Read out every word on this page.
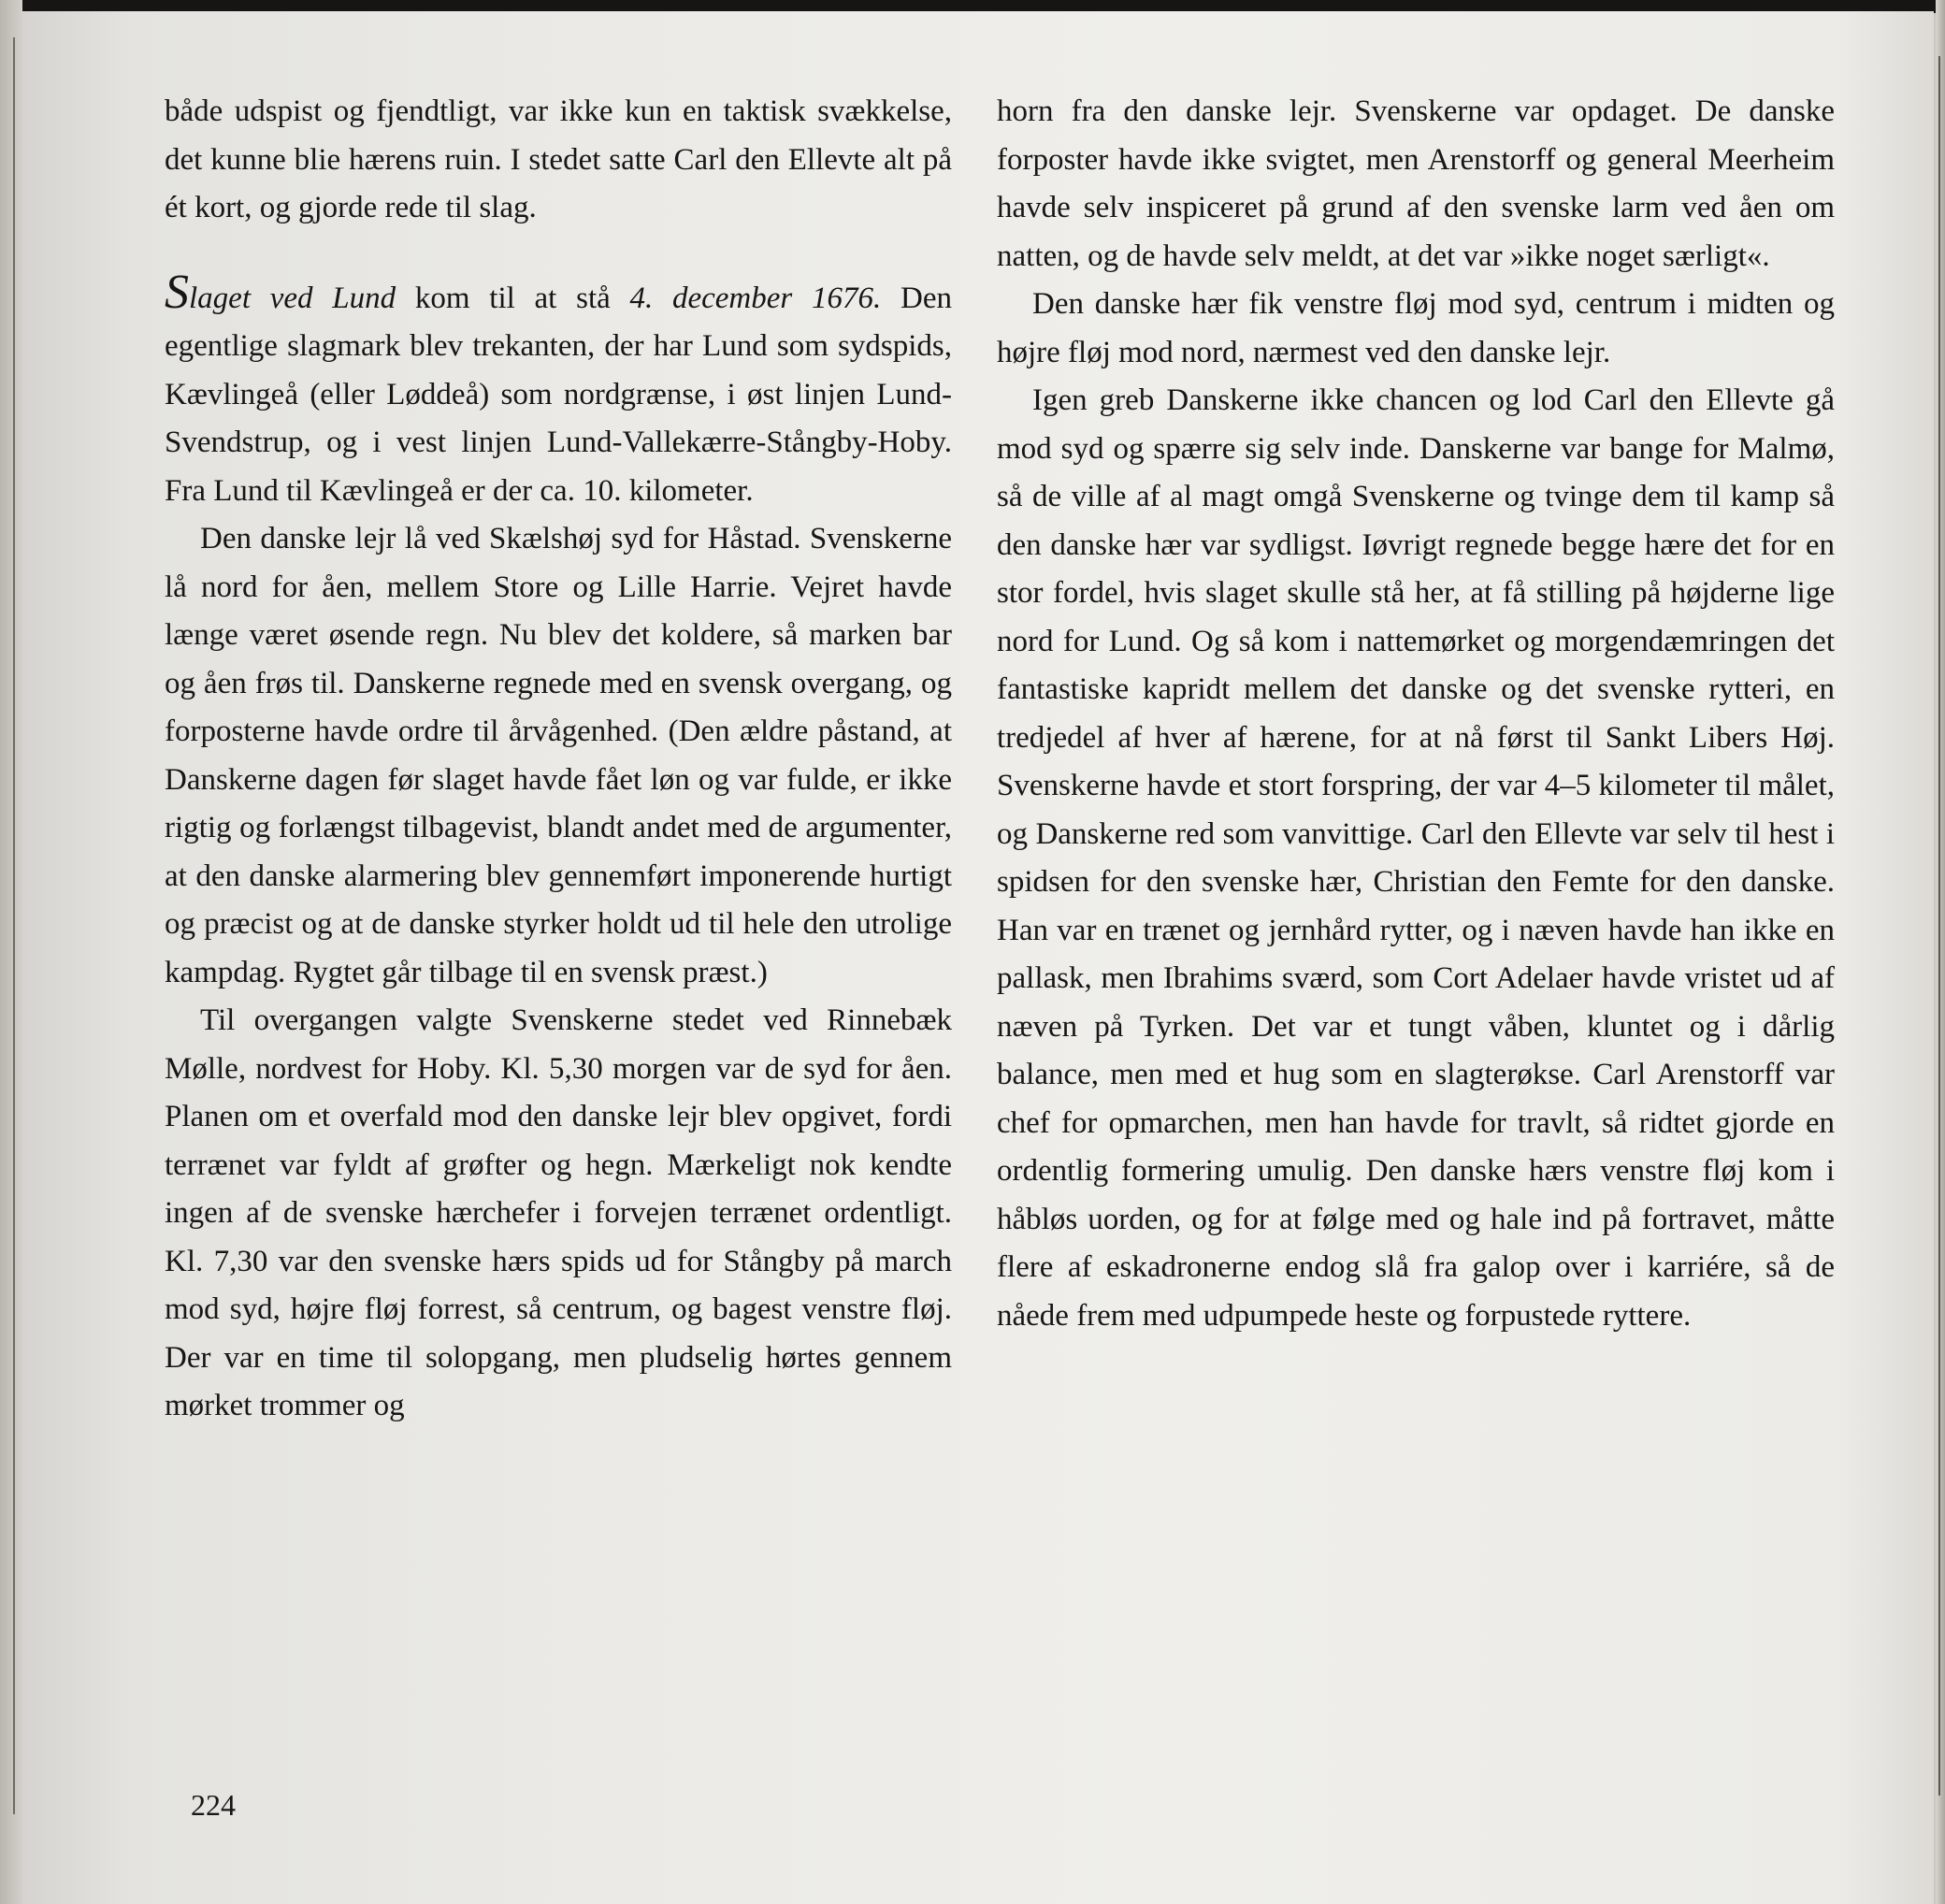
både udspist og fjendtligt, var ikke kun en taktisk svækkelse, det kunne blie hærens ruin. I stedet satte Carl den Ellevte alt på ét kort, og gjorde rede til slag.

Slaget ved Lund kom til at stå 4. december 1676. Den egentlige slagmark blev trekanten, der har Lund som sydspids, Kævlingeå (eller Løddeå) som nordgrænse, i øst linjen Lund-Svendstrup, og i vest linjen Lund-Vallekærre-Stångby-Hoby. Fra Lund til Kævlingeå er der ca. 10. kilometer.

Den danske lejr lå ved Skælshøj syd for Håstad. Svenskerne lå nord for åen, mellem Store og Lille Harrie. Vejret havde længe været øsende regn. Nu blev det koldere, så marken bar og åen frøs til. Danskerne regnede med en svensk overgang, og forposterne havde ordre til årvågenhed. (Den ældre påstand, at Danskerne dagen før slaget havde fået løn og var fulde, er ikke rigtig og forlængst tilbagevist, blandt andet med de argumenter, at den danske alarmering blev gennemført imponerende hurtigt og præcist og at de danske styrker holdt ud til hele den utrolige kampdag. Rygtet går tilbage til en svensk præst.)

Til overgangen valgte Svenskerne stedet ved Rinnebæk Mølle, nordvest for Hoby. Kl. 5,30 morgen var de syd for åen. Planen om et overfald mod den danske lejr blev opgivet, fordi terrænet var fyldt af grøfter og hegn. Mærkeligt nok kendte ingen af de svenske hærchefer i forvejen terrænet ordentligt. Kl. 7,30 var den svenske hærs spids ud for Stångby på march mod syd, højre fløj forrest, så centrum, og bagest venstre fløj. Der var en time til solopgang, men pludselig hørtes gennem mørket trommer og

horn fra den danske lejr. Svenskerne var opdaget. De danske forposter havde ikke svigtet, men Arenstorff og general Meerheim havde selv inspiceret på grund af den svenske larm ved åen om natten, og de havde selv meldt, at det var »ikke noget særligt«.

Den danske hær fik venstre fløj mod syd, centrum i midten og højre fløj mod nord, nærmest ved den danske lejr.

Igen greb Danskerne ikke chancen og lod Carl den Ellevte gå mod syd og spærre sig selv inde. Danskerne var bange for Malmø, så de ville af al magt omgå Svenskerne og tvinge dem til kamp så den danske hær var sydligst. Iøvrigt regnede begge hære det for en stor fordel, hvis slaget skulle stå her, at få stilling på højderne lige nord for Lund. Og så kom i nattemørket og morgendæmringen det fantastiske kapridt mellem det danske og det svenske rytteri, en tredjedel af hver af hærene, for at nå først til Sankt Libers Høj. Svenskerne havde et stort forspring, der var 4–5 kilometer til målet, og Danskerne red som vanvittige. Carl den Ellevte var selv til hest i spidsen for den svenske hær, Christian den Femte for den danske. Han var en trænet og jernhård rytter, og i næven havde han ikke en pallask, men Ibrahims sværd, som Cort Adelaer havde vristet ud af næven på Tyrken. Det var et tungt våben, kluntet og i dårlig balance, men med et hug som en slagterøkse. Carl Arenstorff var chef for opmarchen, men han havde for travlt, så ridtet gjorde en ordentlig formering umulig. Den danske hærs venstre fløj kom i håbløs uorden, og for at følge med og hale ind på fortravet, måtte flere af eskadronerne endog slå fra galop over i karriére, så de nåede frem med udpumpede heste og forpustede ryttere.

224
